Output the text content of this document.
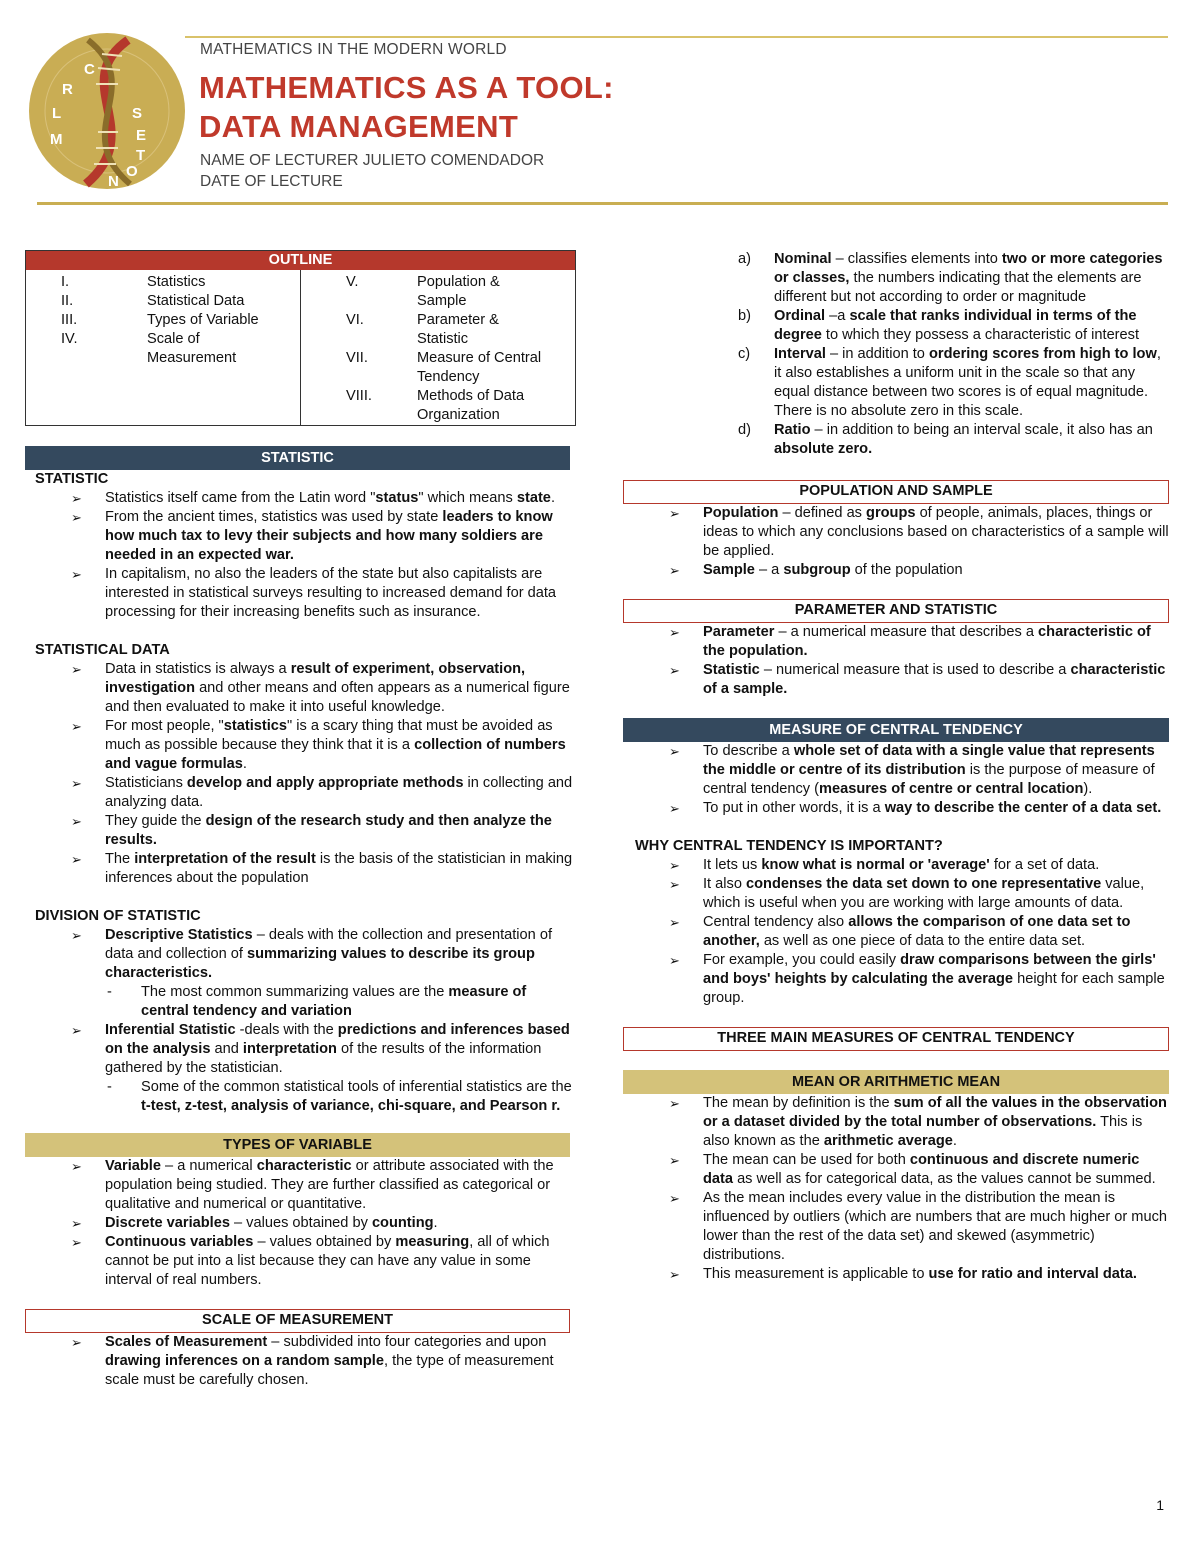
M
L
R
C
S
E
T
O
N
MATHEMATICS IN THE MODERN WORLD
MATHEMATICS AS A TOOL:
DATA MANAGEMENT
NAME OF LECTURER JULIETO COMENDADOR
DATE OF LECTURE
OUTLINE
I.	Statistics
II.	Statistical Data
III.	Types of Variable
IV.	Scale of Measurement
V.	Population & Sample
VI.	Parameter & Statistic
VII.	Measure of Central Tendency
VIII.	Methods of Data Organization
STATISTIC
STATISTIC
➢ Statistics itself came from the Latin word "status" which means state.
➢ From the ancient times, statistics was used by state leaders to know how much tax to levy their subjects and how many soldiers are needed in an expected war.
➢ In capitalism, no also the leaders of the state but also capitalists are interested in statistical surveys resulting to increased demand for data processing for their increasing benefits such as insurance.
STATISTICAL DATA
➢ Data in statistics is always a result of experiment, observation, investigation and other means and often appears as a numerical figure and then evaluated to make it into useful knowledge.
➢ For most people, "statistics" is a scary thing that must be avoided as much as possible because they think that it is a collection of numbers and vague formulas.
➢ Statisticians develop and apply appropriate methods in collecting and analyzing data.
➢ They guide the design of the research study and then analyze the results.
➢ The interpretation of the result is the basis of the statistician in making inferences about the population
DIVISION OF STATISTIC
➢ Descriptive Statistics – deals with the collection and presentation of data and collection of summarizing values to describe its group characteristics.
- The most common summarizing values are the measure of central tendency and variation
➢ Inferential Statistic -deals with the predictions and inferences based on the analysis and interpretation of the results of the information gathered by the statistician.
- Some of the common statistical tools of inferential statistics are the t-test, z-test, analysis of variance, chi-square, and Pearson r.
TYPES OF VARIABLE
➢ Variable – a numerical characteristic or attribute associated with the population being studied. They are further classified as categorical or qualitative and numerical or quantitative.
➢ Discrete variables – values obtained by counting.
➢ Continuous variables – values obtained by measuring, all of which cannot be put into a list because they can have any value in some interval of real numbers.
SCALE OF MEASUREMENT
➢ Scales of Measurement – subdivided into four categories and upon drawing inferences on a random sample, the type of measurement scale must be carefully chosen.
a) Nominal – classifies elements into two or more categories or classes, the numbers indicating that the elements are different but not according to order or magnitude
b) Ordinal –a scale that ranks individual in terms of the degree to which they possess a characteristic of interest
c) Interval – in addition to ordering scores from high to low, it also establishes a uniform unit in the scale so that any equal distance between two scores is of equal magnitude. There is no absolute zero in this scale.
d) Ratio – in addition to being an interval scale, it also has an absolute zero.
POPULATION AND SAMPLE
➢ Population – defined as groups of people, animals, places, things or ideas to which any conclusions based on characteristics of a sample will be applied.
➢ Sample – a subgroup of the population
PARAMETER AND STATISTIC
➢ Parameter – a numerical measure that describes a characteristic of the population.
➢ Statistic – numerical measure that is used to describe a characteristic of a sample.
MEASURE OF CENTRAL TENDENCY
➢ To describe a whole set of data with a single value that represents the middle or centre of its distribution is the purpose of measure of central tendency (measures of centre or central location).
➢ To put in other words, it is a way to describe the center of a data set.
WHY CENTRAL TENDENCY IS IMPORTANT?
➢ It lets us know what is normal or 'average' for a set of data.
➢ It also condenses the data set down to one representative value, which is useful when you are working with large amounts of data.
➢ Central tendency also allows the comparison of one data set to another, as well as one piece of data to the entire data set.
➢ For example, you could easily draw comparisons between the girls' and boys' heights by calculating the average height for each sample group.
THREE MAIN MEASURES OF CENTRAL TENDENCY
MEAN OR ARITHMETIC MEAN
➢ The mean by definition is the sum of all the values in the observation or a dataset divided by the total number of observations. This is also known as the arithmetic average.
➢ The mean can be used for both continuous and discrete numeric data as well as for categorical data, as the values cannot be summed.
➢ As the mean includes every value in the distribution the mean is influenced by outliers (which are numbers that are much higher or much lower than the rest of the data set) and skewed (asymmetric) distributions.
➢ This measurement is applicable to use for ratio and interval data.
1
